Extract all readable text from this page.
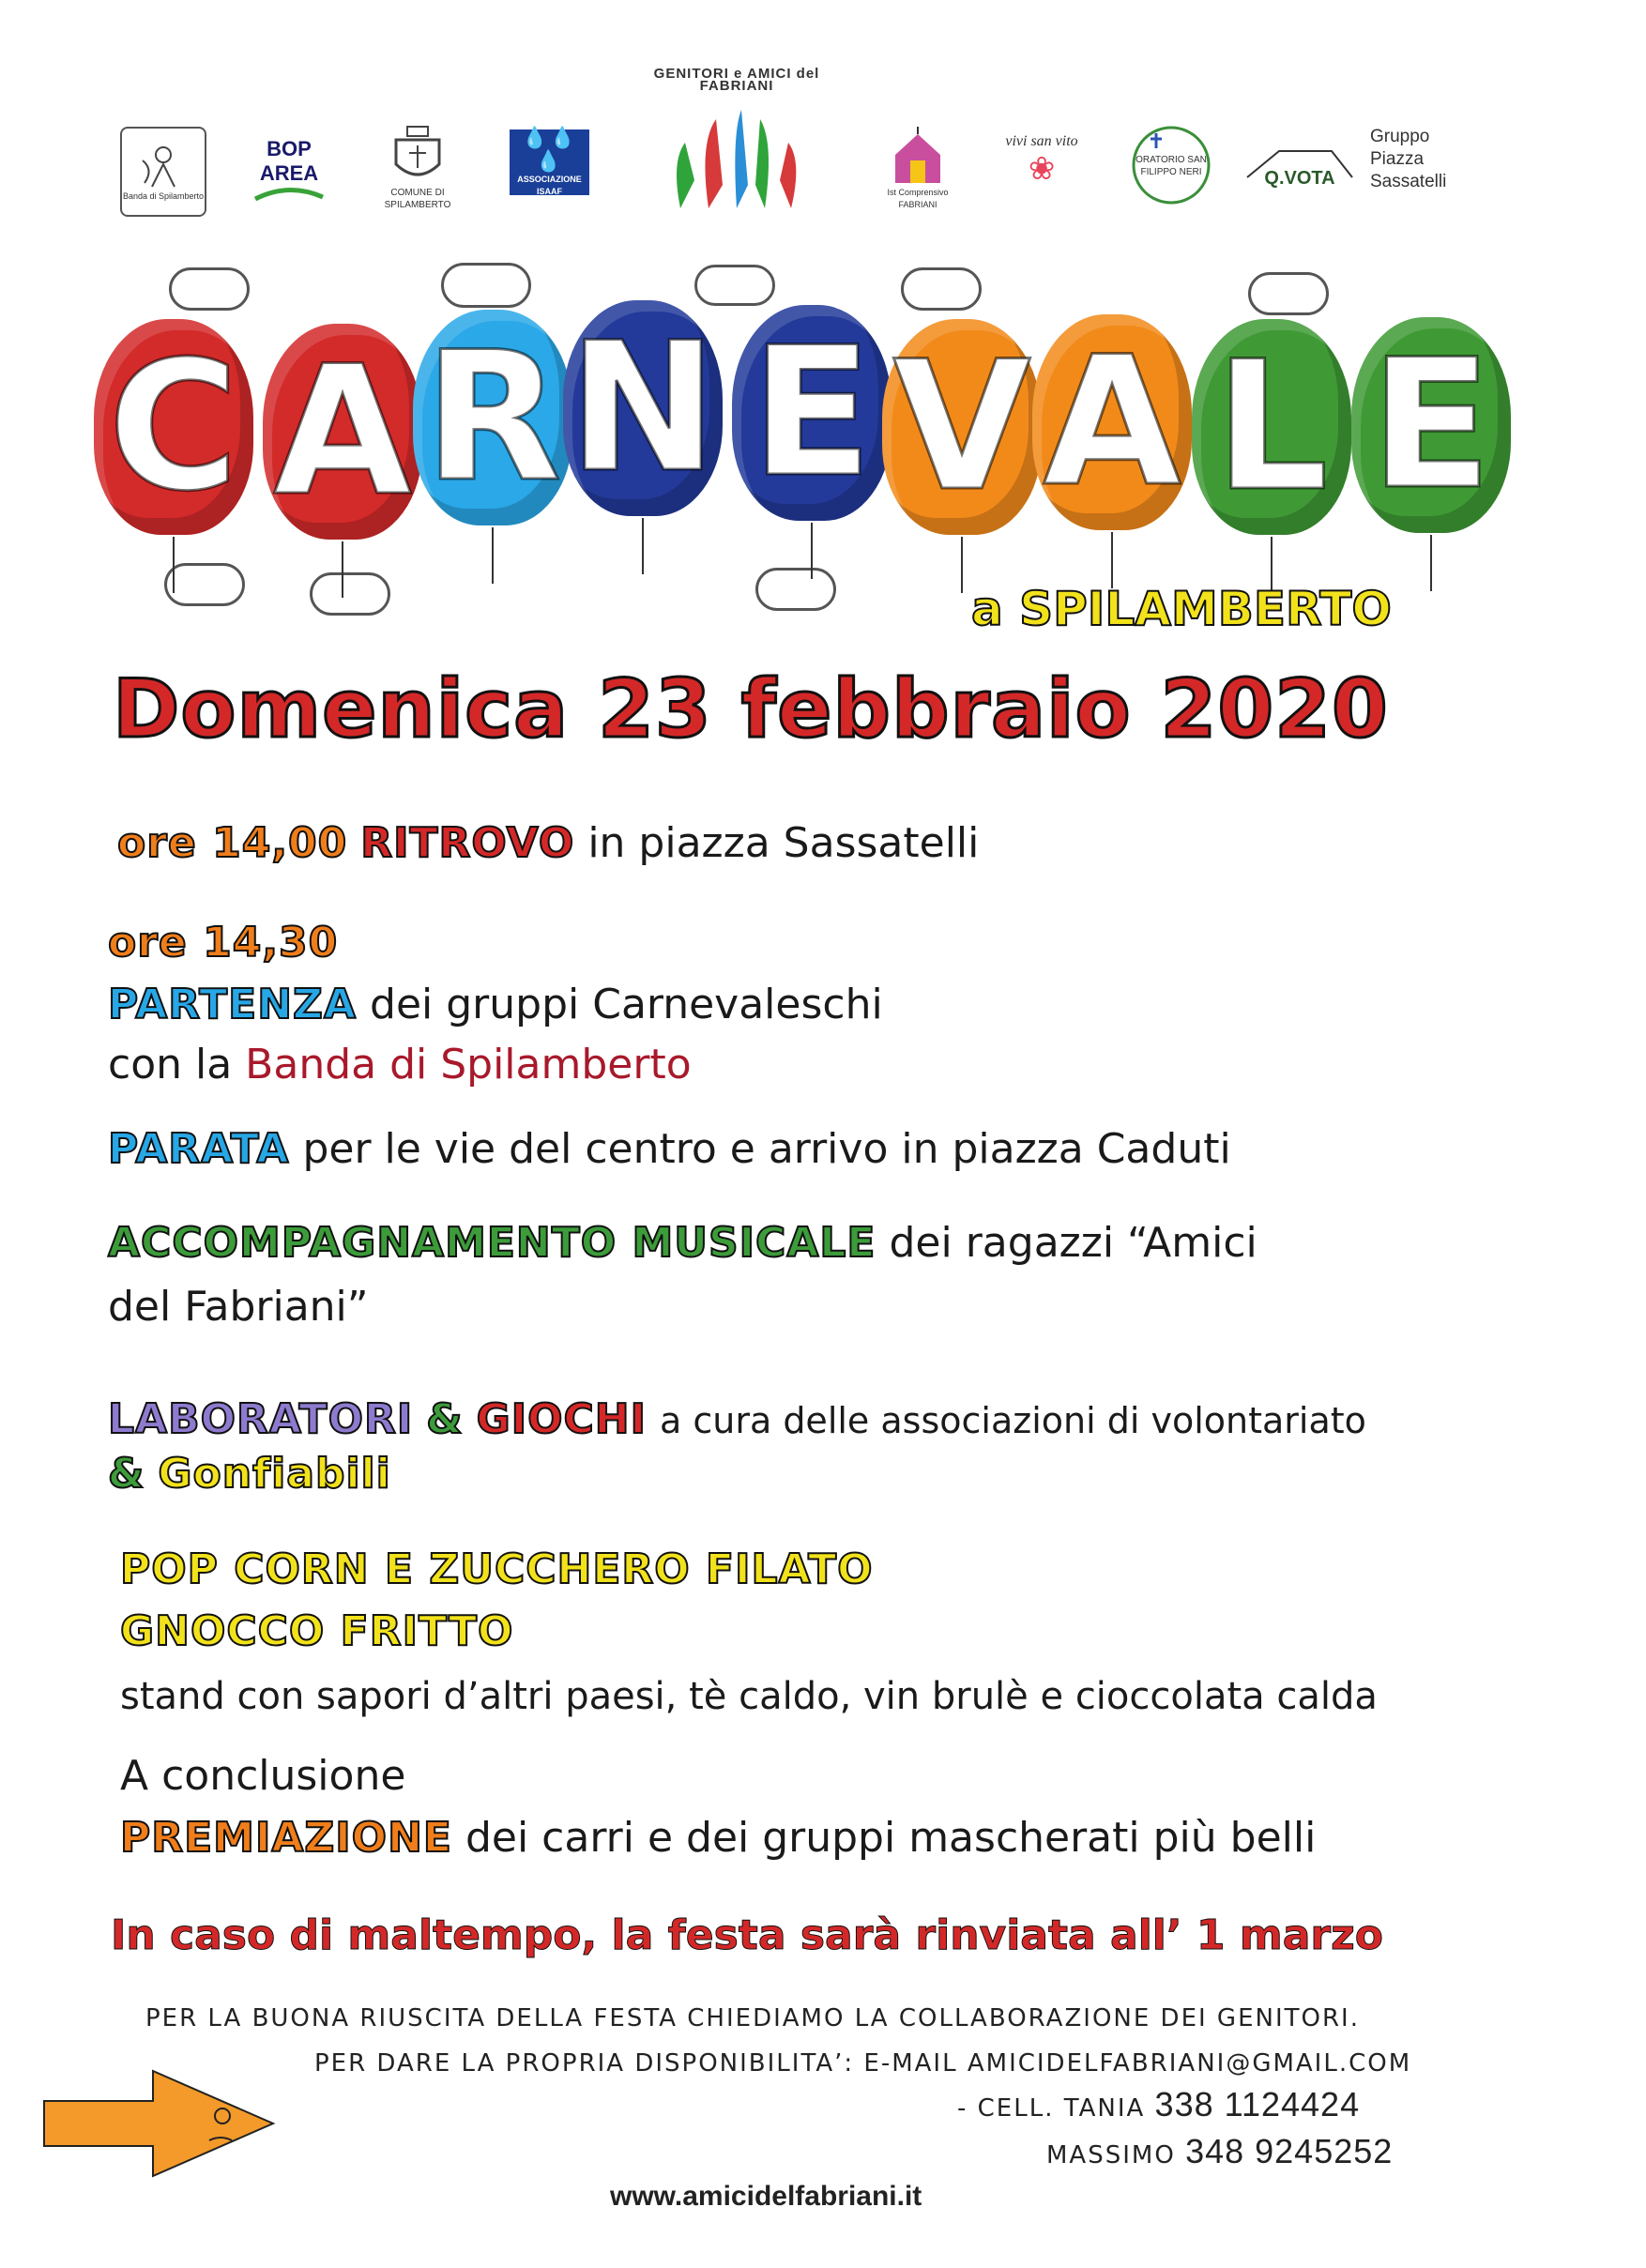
Banda di Spilamberto
BOP AREA
COMUNE DI SPILAMBERTO
💧💧💧
ASSOCIAZIONE ISAAF
GENITORI e AMICI del FABRIANI
Ist Comprensivo FABRIANI
vivi san vito
❀	ORATORIO SAN FILIPPO NERI	Q.VOTA
Gruppo Piazza Sassatelli
C A R N E V A L E
a SPILAMBERTO
Domenica 23 febbraio 2020
ore 14,00 RITROVO in piazza Sassatelli
ore 14,30
PARTENZA dei gruppi Carnevaleschi
con la Banda di Spilamberto
PARATA per le vie del centro e arrivo in piazza Caduti
ACCOMPAGNAMENTO MUSICALE dei ragazzi “Amici
del Fabriani”
LABORATORI & GIOCHI a cura delle associazioni di volontariato
& Gonfiabili
POP CORN E ZUCCHERO FILATO
GNOCCO FRITTO
stand con sapori d’altri paesi, tè caldo, vin brulè e cioccolata calda
A conclusione
PREMIAZIONE dei carri e dei gruppi mascherati più belli
In caso di maltempo, la festa sarà rinviata all’ 1 marzo
PER LA BUONA RIUSCITA DELLA FESTA CHIEDIAMO LA COLLABORAZIONE DEI GENITORI.
PER DARE LA PROPRIA DISPONIBILITA’: E-MAIL AMICIDELFABRIANI@GMAIL.COM
- CELL. TANIA 338 1124424
MASSIMO 348 9245252
www.amicidelfabriani.it
